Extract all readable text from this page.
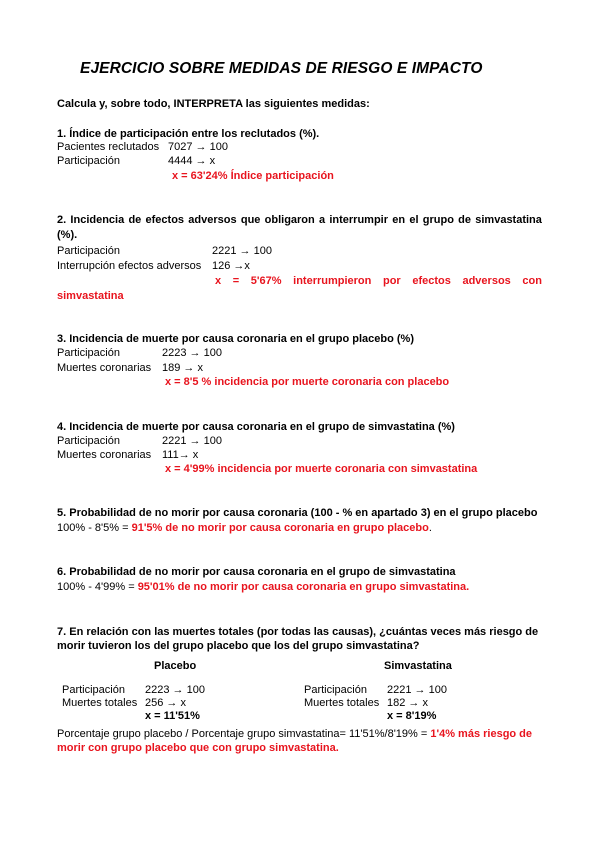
EJERCICIO SOBRE MEDIDAS DE RIESGO E IMPACTO
Calcula y, sobre todo, INTERPRETA las siguientes medidas:
1. Índice de participación entre los reclutados (%).
Pacientes reclutados 7027 → 100
Participación	4444 → x
x = 63'24% Índice participación
2. Incidencia de efectos adversos que obligaron a interrumpir en el grupo de simvastatina
(%).
Participación	2221 → 100
Interrupción efectos adversos 126 →x
x = 5'67% interrumpieron por efectos adversos con
simvastatina
3. Incidencia de muerte por causa coronaria en el grupo placebo (%)
Participación	2223 → 100
Muertes coronarias 189 → x
x = 8'5 % incidencia por muerte coronaria con placebo
4. Incidencia de muerte por causa coronaria en el grupo de simvastatina (%)
Participación	2221 → 100
Muertes coronarias 111→ x
x = 4'99% incidencia por muerte coronaria con simvastatina
5. Probabilidad de no morir por causa coronaria (100 - % en apartado 3) en el grupo placebo
100% - 8'5% = 91'5% de no morir por causa coronaria en grupo placebo.
6. Probabilidad de no morir por causa coronaria en el grupo de simvastatina
100% - 4'99% = 95'01% de no morir por causa coronaria en grupo simvastatina.
7. En relación con las muertes totales (por todas las causas), ¿cuántas veces más riesgo de
morir tuvieron los del grupo placebo que los del grupo simvastatina?
Placebo	Simvastatina
Participación 2223 → 100
Muertes totales 256 → x
x = 11'51%
Participación 2221 → 100
Muertes totales 182 → x
x = 8'19%
Porcentaje grupo placebo / Porcentaje grupo simvastatina= 11'51%/8'19% = 1'4% más riesgo de
morir con grupo placebo que con grupo simvastatina.
